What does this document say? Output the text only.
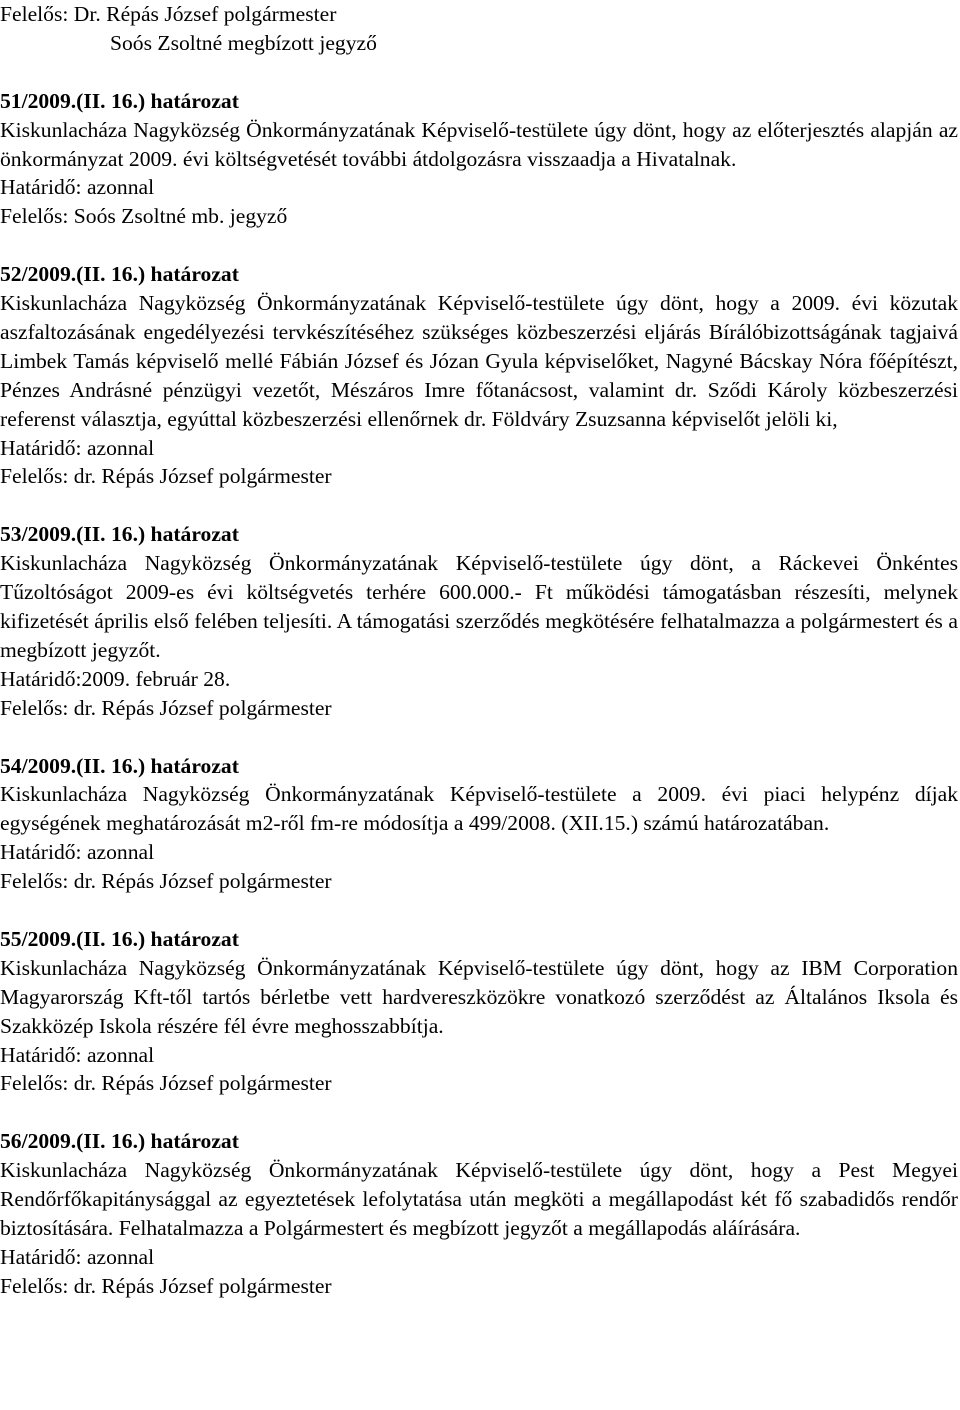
Felelős: Dr. Répás József polgármester
Soós Zsoltné megbízott jegyző
51/2009.(II. 16.) határozat

Kiskunlacháza Nagyközség Önkormányzatának Képviselő-testülete úgy dönt, hogy az előterjesztés alapján az önkormányzat 2009. évi költségvetését további átdolgozásra visszaadja a Hivatalnak.

Határidő: azonnal
Felelős: Soós Zsoltné mb. jegyző
52/2009.(II. 16.) határozat

Kiskunlacháza Nagyközség Önkormányzatának Képviselő-testülete úgy dönt, hogy a 2009. évi közutak aszfaltozásának engedélyezési tervkészítéséhez szükséges közbeszerzési eljárás Bírálóbizottságának tagjaivá Limbek Tamás képviselő mellé Fábián József és Józan Gyula képviselőket, Nagyné Bácskay Nóra főépítészt, Pénzes Andrásné pénzügyi vezetőt, Mészáros Imre főtanácsost, valamint dr. Sződi Károly közbeszerzési referenst választja, egyúttal közbeszerzési ellenőrnek dr. Földváry Zsuzsanna képviselőt jelöli ki,

Határidő: azonnal
Felelős: dr. Répás József polgármester
53/2009.(II. 16.) határozat

Kiskunlacháza Nagyközség Önkormányzatának Képviselő-testülete úgy dönt, a Ráckevei Önkéntes Tűzoltóságot 2009-es évi költségvetés terhére 600.000.- Ft működési támogatásban részesíti, melynek kifizetését április első felében teljesíti. A támogatási szerződés megkötésére felhatalmazza a polgármestert és a megbízott jegyzőt.

Határidő:2009. február 28.
Felelős: dr. Répás József polgármester
54/2009.(II. 16.) határozat

Kiskunlacháza Nagyközség Önkormányzatának Képviselő-testülete a 2009. évi piaci helypénz díjak egységének meghatározását m2-ről fm-re módosítja a 499/2008. (XII.15.) számú határozatában.

Határidő: azonnal
Felelős: dr. Répás József polgármester
55/2009.(II. 16.) határozat

Kiskunlacháza Nagyközség Önkormányzatának Képviselő-testülete úgy dönt, hogy az IBM Corporation Magyarország Kft-től tartós bérletbe vett hardvereszközökre vonatkozó szerződést az Általános Iksola és Szakközép Iskola részére fél évre meghosszabbítja.

Határidő: azonnal
Felelős: dr. Répás József polgármester
56/2009.(II. 16.) határozat

Kiskunlacháza Nagyközség Önkormányzatának Képviselő-testülete úgy dönt, hogy a Pest Megyei Rendőrfőkapitánysággal az egyeztetések lefolytatása után megköti a megállapodást két fő szabadidős rendőr biztosítására. Felhatalmazza a Polgármestert és megbízott jegyzőt a megállapodás aláírására.

Határidő: azonnal
Felelős: dr. Répás József polgármester
